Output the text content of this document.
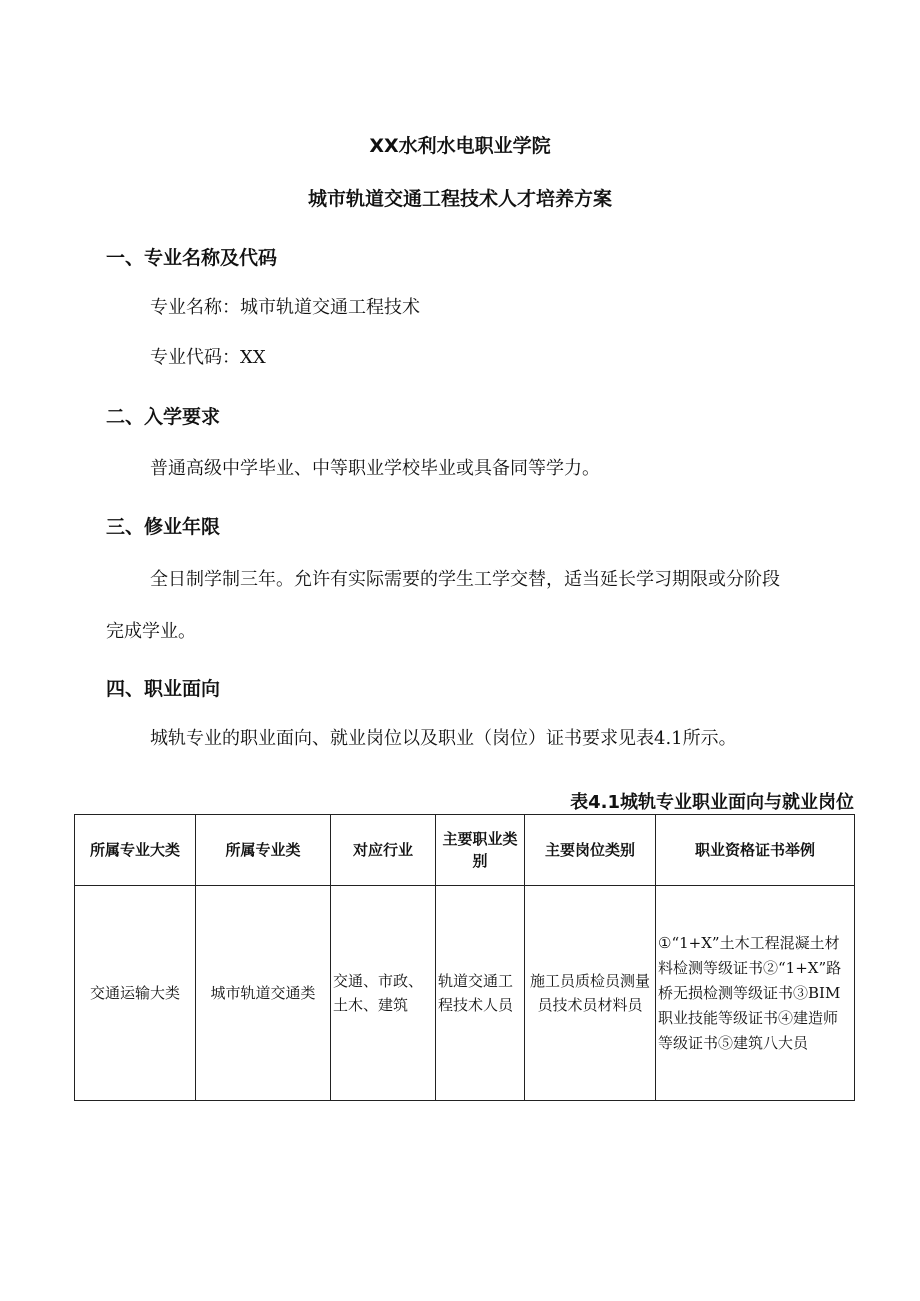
XX水利水电职业学院
城市轨道交通工程技术人才培养方案
一、专业名称及代码
专业名称：城市轨道交通工程技术
专业代码：XX
二、入学要求
普通高级中学毕业、中等职业学校毕业或具备同等学力。
三、修业年限
全日制学制三年。允许有实际需要的学生工学交替，适当延长学习期限或分阶段
完成学业。
四、职业面向
城轨专业的职业面向、就业岗位以及职业（岗位）证书要求见表4.1所示。
表4.1城轨专业职业面向与就业岗位
所属专业大类	所属专业类	对应行业	主要职业类别	主要岗位类别	职业资格证书举例
交通运输大类	城市轨道交通类	交通、市政、土木、建筑	轨道交通工程技术人员	施工员质检员测量员技术员材料员	①“1+X”土木工程混凝土材料检测等级证书②“1+X”路桥无损检测等级证书③BIM职业技能等级证书④建造师等级证书⑤建筑八大员
